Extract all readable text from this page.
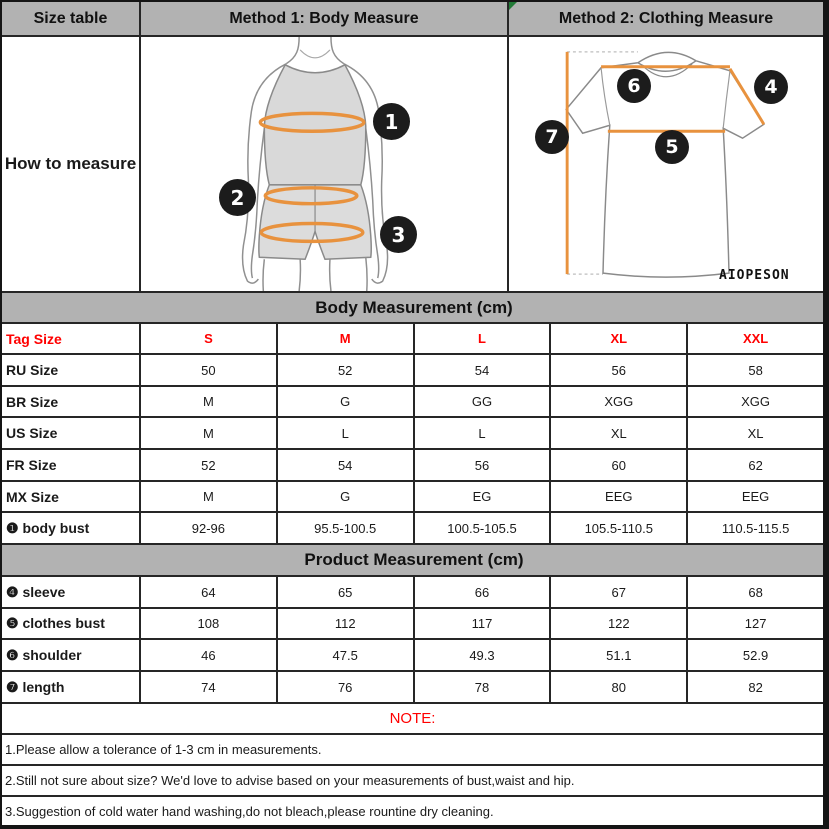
Size table	Method 1: Body Measure	Method 2: Clothing Measure
How to measure
1
2
3
4
5
6
7
AIOPESON
Body Measurement (cm)
Tag Size	S	M	L	XL	XXL
RU Size	50	52	54	56	58
BR Size	M	G	GG	XGG	XGG
US Size	M	L	L	XL	XL
FR Size	52	54	56	60	62
MX Size	M	G	EG	EEG	EEG
❶ body bust	92-96	95.5-100.5	100.5-105.5	105.5-110.5	110.5-115.5
Product Measurement (cm)
❹ sleeve	64	65	66	67	68
❺ clothes bust	108	112	117	122	127
❻ shoulder	46	47.5	49.3	51.1	52.9
❼ length	74	76	78	80	82
NOTE:
1.Please allow a tolerance of 1-3 cm in measurements.
2.Still not sure about size? We'd love to advise based on your measurements of bust,waist and hip.
3.Suggestion of cold water hand washing,do not bleach,please rountine dry cleaning.
